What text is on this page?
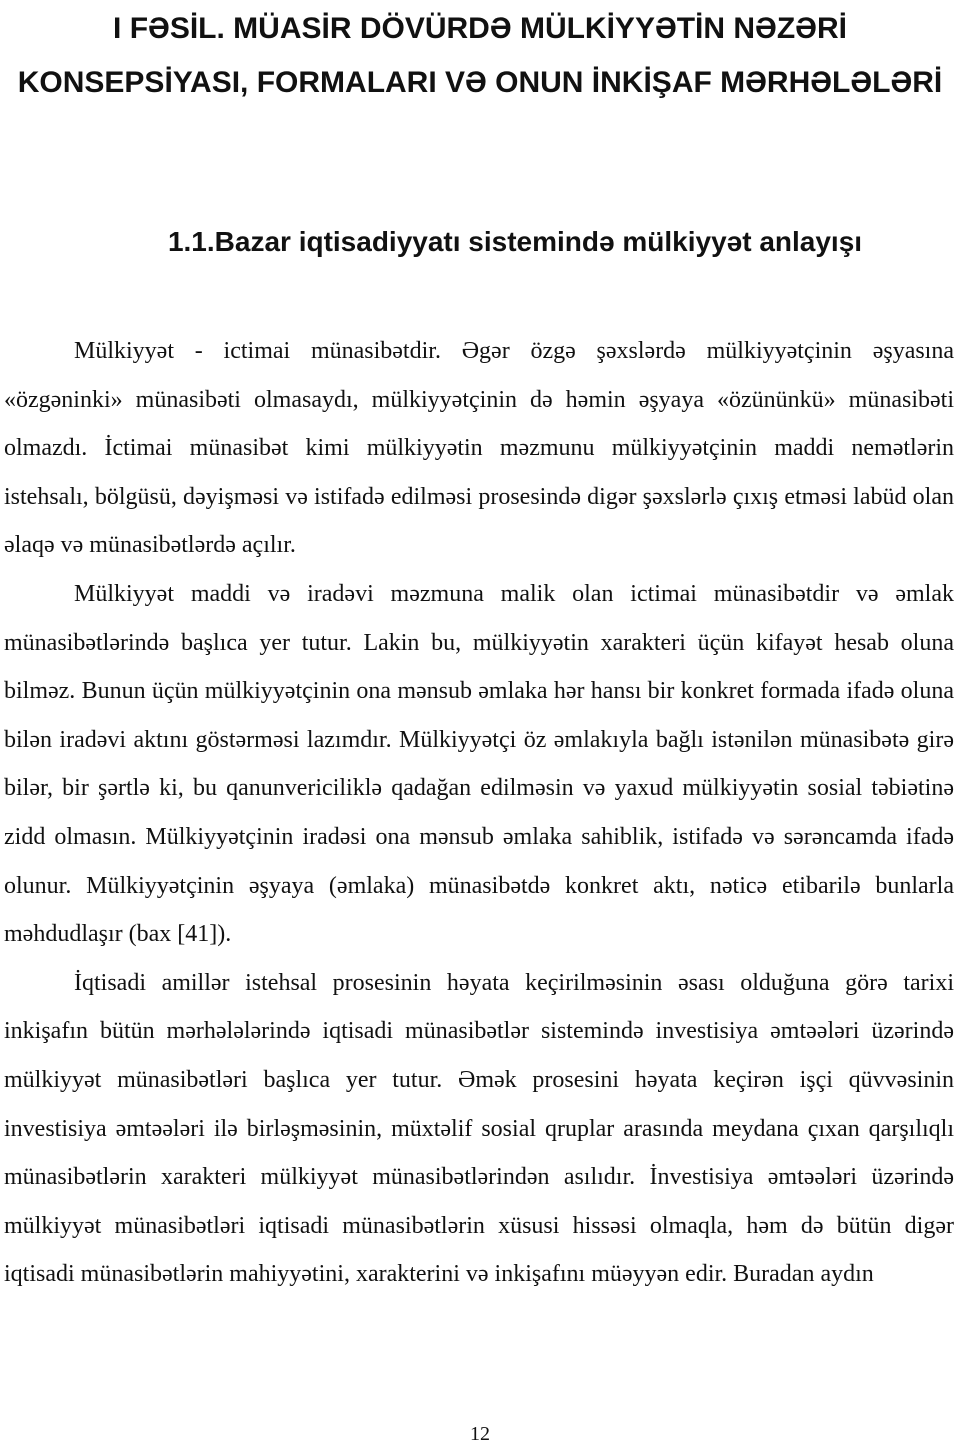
I FƏSİL. MÜASİR DÖVÜRDƏ MÜLKİYYƏTİN NƏZƏRİ KONSEPSİYASI, FORMALARI VƏ ONUN İNKİŞAF MƏRHƏLƏLƏRİ
1.1.Bazar iqtisadiyyatı sistemində mülkiyyət anlayışı

Mülkiyyət - ictimai münasibətdir. Əgər özgə şəxslərdə mülkiyyətçinin əşyasına «özgəninki» münasibəti olmasaydı, mülkiyyətçinin də həmin əşyaya «özününkü» münasibəti olmazdı. İctimai münasibət kimi mülkiyyətin məzmunu mülkiyyətçinin maddi nemətlərin istehsalı, bölgüsü, dəyişməsi və istifadə edilməsi prosesində digər şəxslərlə çıxış etməsi labüd olan əlaqə və münasibətlərdə açılır.

Mülkiyyət maddi və iradəvi məzmuna malik olan ictimai münasibətdir və əmlak münasibətlərində başlıca yer tutur. Lakin bu, mülkiyyətin xarakteri üçün kifayət hesab oluna bilməz. Bunun üçün mülkiyyətçinin ona mənsub əmlaka hər hansı bir konkret formada ifadə oluna bilən iradəvi aktını göstərməsi lazımdır. Mülkiyyətçi öz əmlakıyla bağlı istənilən münasibətə girə bilər, bir şərtlə ki, bu qanunvericiliklə qadağan edilməsin və yaxud mülkiyyətin sosial təbiətinə zidd olmasın. Mülkiyyətçinin iradəsi ona mənsub əmlaka sahiblik, istifadə və sərəncamda ifadə olunur. Mülkiyyətçinin əşyaya (əmlaka) münasibətdə konkret aktı, nəticə etibarilə bunlarla məhdudlaşır (bax [41]).

İqtisadi amillər istehsal prosesinin həyata keçirilməsinin əsası olduğuna görə tarixi inkişafın bütün mərhələlərində iqtisadi münasibətlər sistemində investisiya əmtəələri üzərində mülkiyyət münasibətləri başlıca yer tutur. Əmək prosesini həyata keçirən işçi qüvvəsinin investisiya əmtəələri ilə birləşməsinin, müxtəlif sosial qruplar arasında meydana çıxan qarşılıqlı münasibətlərin xarakteri mülkiyyət münasibətlərindən asılıdır. İnvestisiya əmtəələri üzərində mülkiyyət münasibətləri iqtisadi münasibətlərin xüsusi hissəsi olmaqla, həm də bütün digər iqtisadi münasibətlərin mahiyyətini, xarakterini və inkişafını müəyyən edir. Buradan aydın

12
